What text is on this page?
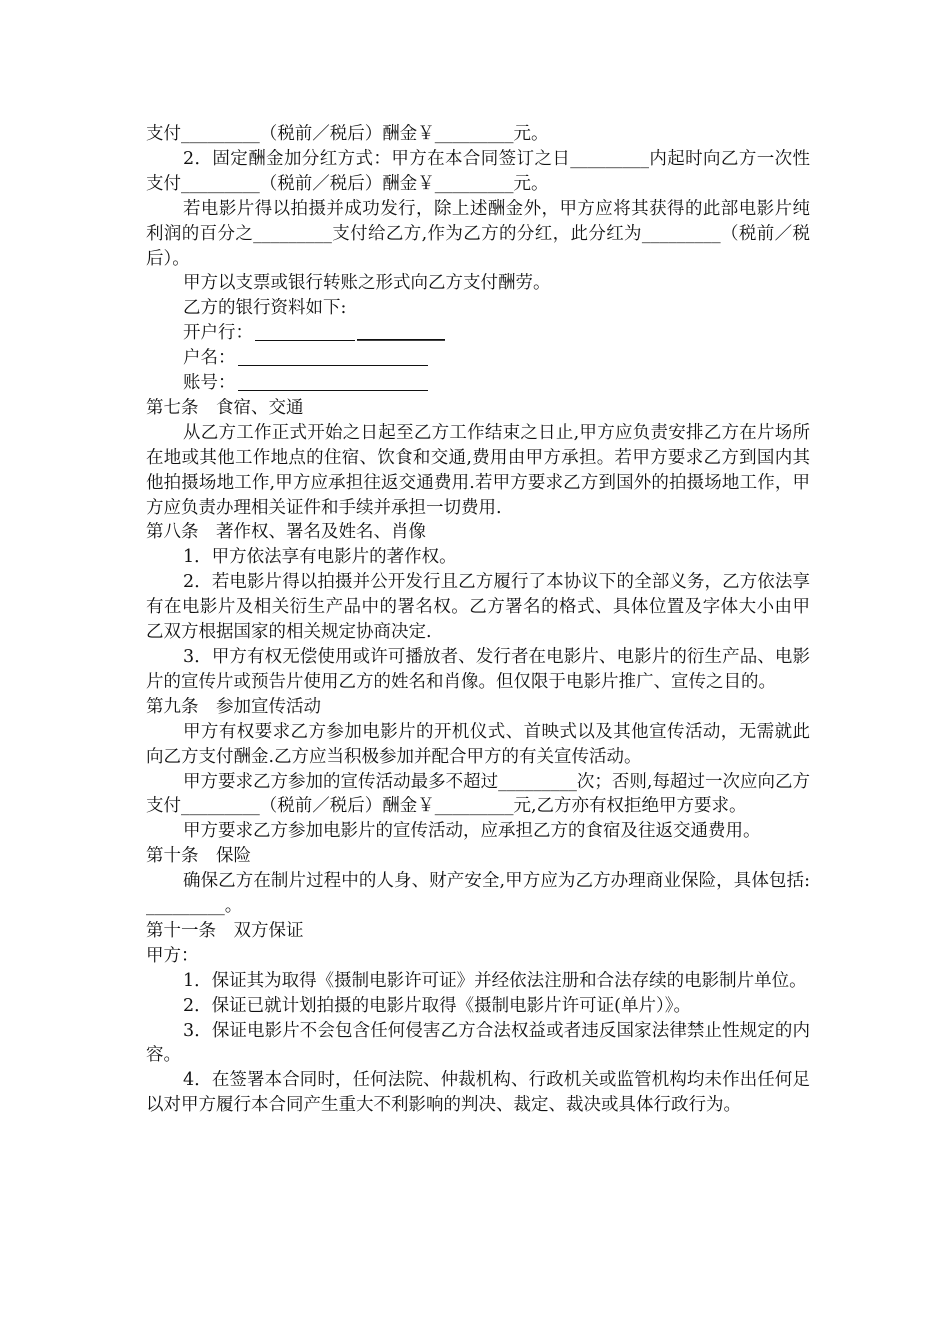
支付_________（税前／税后）酬金￥_________元。

2．固定酬金加分红方式：甲方在本合同签订之日_________内起时向乙方一次性支付_________（税前／税后）酬金￥_________元。

若电影片得以拍摄并成功发行，除上述酬金外，甲方应将其获得的此部电影片纯利润的百分之_________支付给乙方,作为乙方的分红，此分红为_________（税前／税后）。

甲方以支票或银行转账之形式向乙方支付酬劳。

乙方的银行资料如下:

开户行：
户名：
账号：

第七条　食宿、交通

从乙方工作正式开始之日起至乙方工作结束之日止,甲方应负责安排乙方在片场所在地或其他工作地点的住宿、饮食和交通,费用由甲方承担。若甲方要求乙方到国内其他拍摄场地工作,甲方应承担往返交通费用.若甲方要求乙方到国外的拍摄场地工作，甲方应负责办理相关证件和手续并承担一切费用.

第八条　著作权、署名及姓名、肖像

1．甲方依法享有电影片的著作权。

2．若电影片得以拍摄并公开发行且乙方履行了本协议下的全部义务，乙方依法享有在电影片及相关衍生产品中的署名权。乙方署名的格式、具体位置及字体大小由甲乙双方根据国家的相关规定协商决定.

3．甲方有权无偿使用或许可播放者、发行者在电影片、电影片的衍生产品、电影片的宣传片或预告片使用乙方的姓名和肖像。但仅限于电影片推广、宣传之目的。

第九条　参加宣传活动

甲方有权要求乙方参加电影片的开机仪式、首映式以及其他宣传活动，无需就此向乙方支付酬金.乙方应当积极参加并配合甲方的有关宣传活动。

甲方要求乙方参加的宣传活动最多不超过_________次；否则,每超过一次应向乙方支付_________（税前／税后）酬金￥_________元,乙方亦有权拒绝甲方要求。

甲方要求乙方参加电影片的宣传活动，应承担乙方的食宿及往返交通费用。

第十条　保险

确保乙方在制片过程中的人身、财产安全,甲方应为乙方办理商业保险，具体包括:_________。

第十一条　双方保证

甲方：

1．保证其为取得《摄制电影许可证》并经依法注册和合法存续的电影制片单位。

2．保证已就计划拍摄的电影片取得《摄制电影片许可证(单片）》。

3．保证电影片不会包含任何侵害乙方合法权益或者违反国家法律禁止性规定的内容。

4．在签署本合同时，任何法院、仲裁机构、行政机关或监管机构均未作出任何足以对甲方履行本合同产生重大不利影响的判决、裁定、裁决或具体行政行为。
